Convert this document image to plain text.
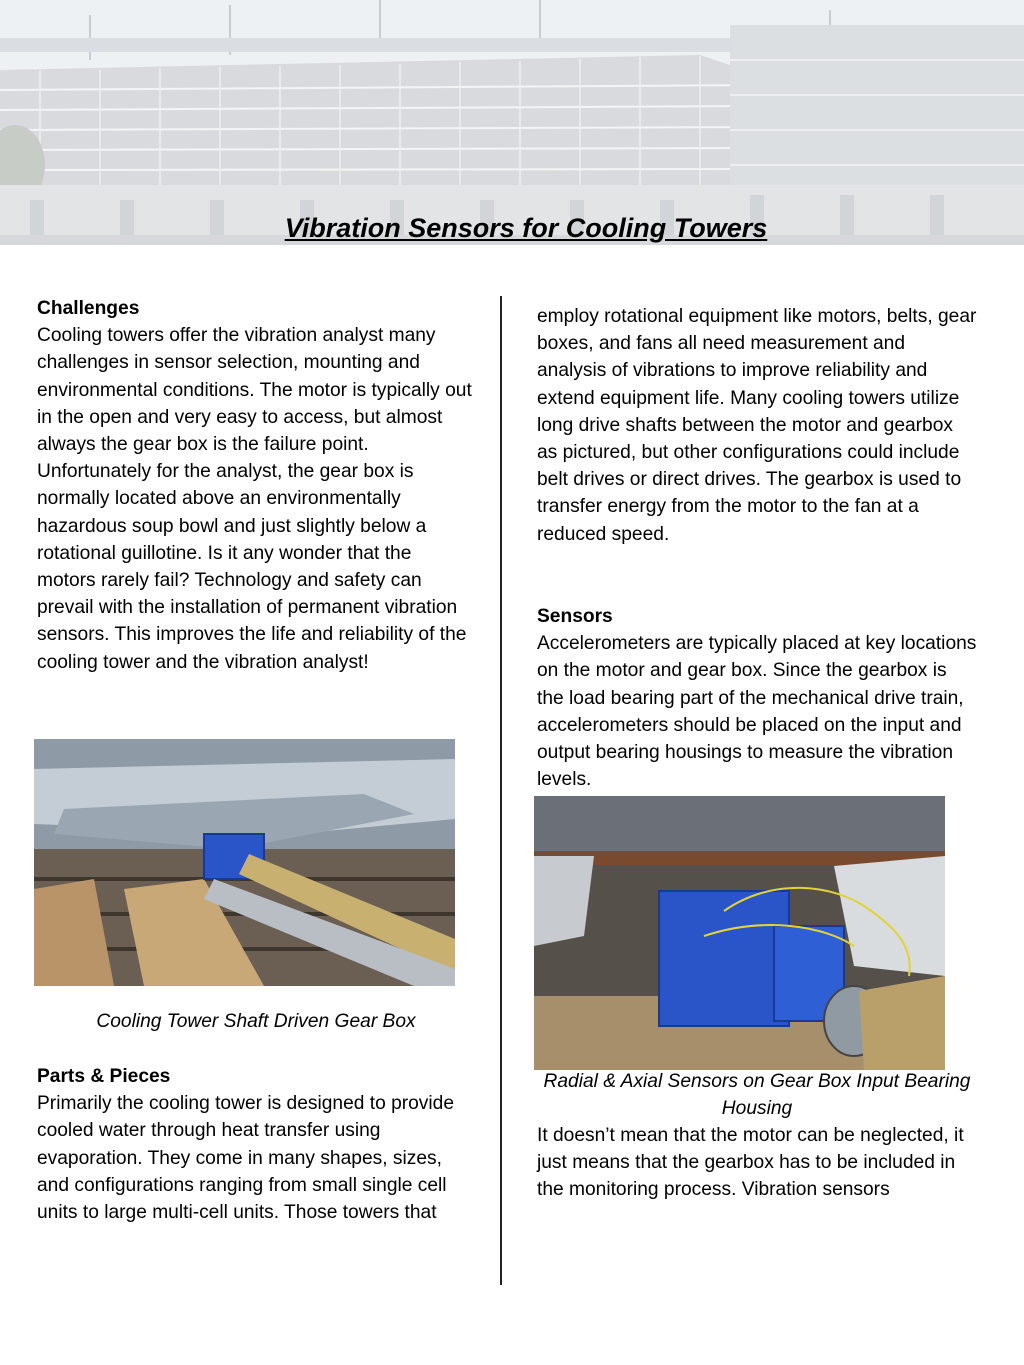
Vibration Sensors for Cooling Towers

Challenges

Cooling towers offer the vibration analyst many challenges in sensor selection, mounting and environmental conditions. The motor is typically out in the open and very easy to access, but almost always the gear box is the failure point. Unfortunately for the analyst, the gear box is normally located above an environmentally hazardous soup bowl and just slightly below a rotational guillotine. Is it any wonder that the motors rarely fail? Technology and safety can prevail with the installation of permanent vibration sensors. This improves the life and reliability of the cooling tower and the vibration analyst!

Cooling Tower Shaft Driven Gear Box

Parts & Pieces

Primarily the cooling tower is designed to provide cooled water through heat transfer using evaporation. They come in many shapes, sizes, and configurations ranging from small single cell units to large multi-cell units. Those towers that

employ rotational equipment like motors, belts, gear boxes, and fans all need measurement and analysis of vibrations to improve reliability and extend equipment life. Many cooling towers utilize long drive shafts between the motor and gearbox as pictured, but other configurations could include belt drives or direct drives. The gearbox is used to transfer energy from the motor to the fan at a reduced speed.

Sensors

Accelerometers are typically placed at key locations on the motor and gear box. Since the gearbox is the load bearing part of the mechanical drive train, accelerometers should be placed on the input and output bearing housings to measure the vibration levels.

Radial & Axial Sensors on Gear Box Input Bearing Housing

It doesn’t mean that the motor can be neglected, it just means that the gearbox has to be included in the monitoring process. Vibration sensors
